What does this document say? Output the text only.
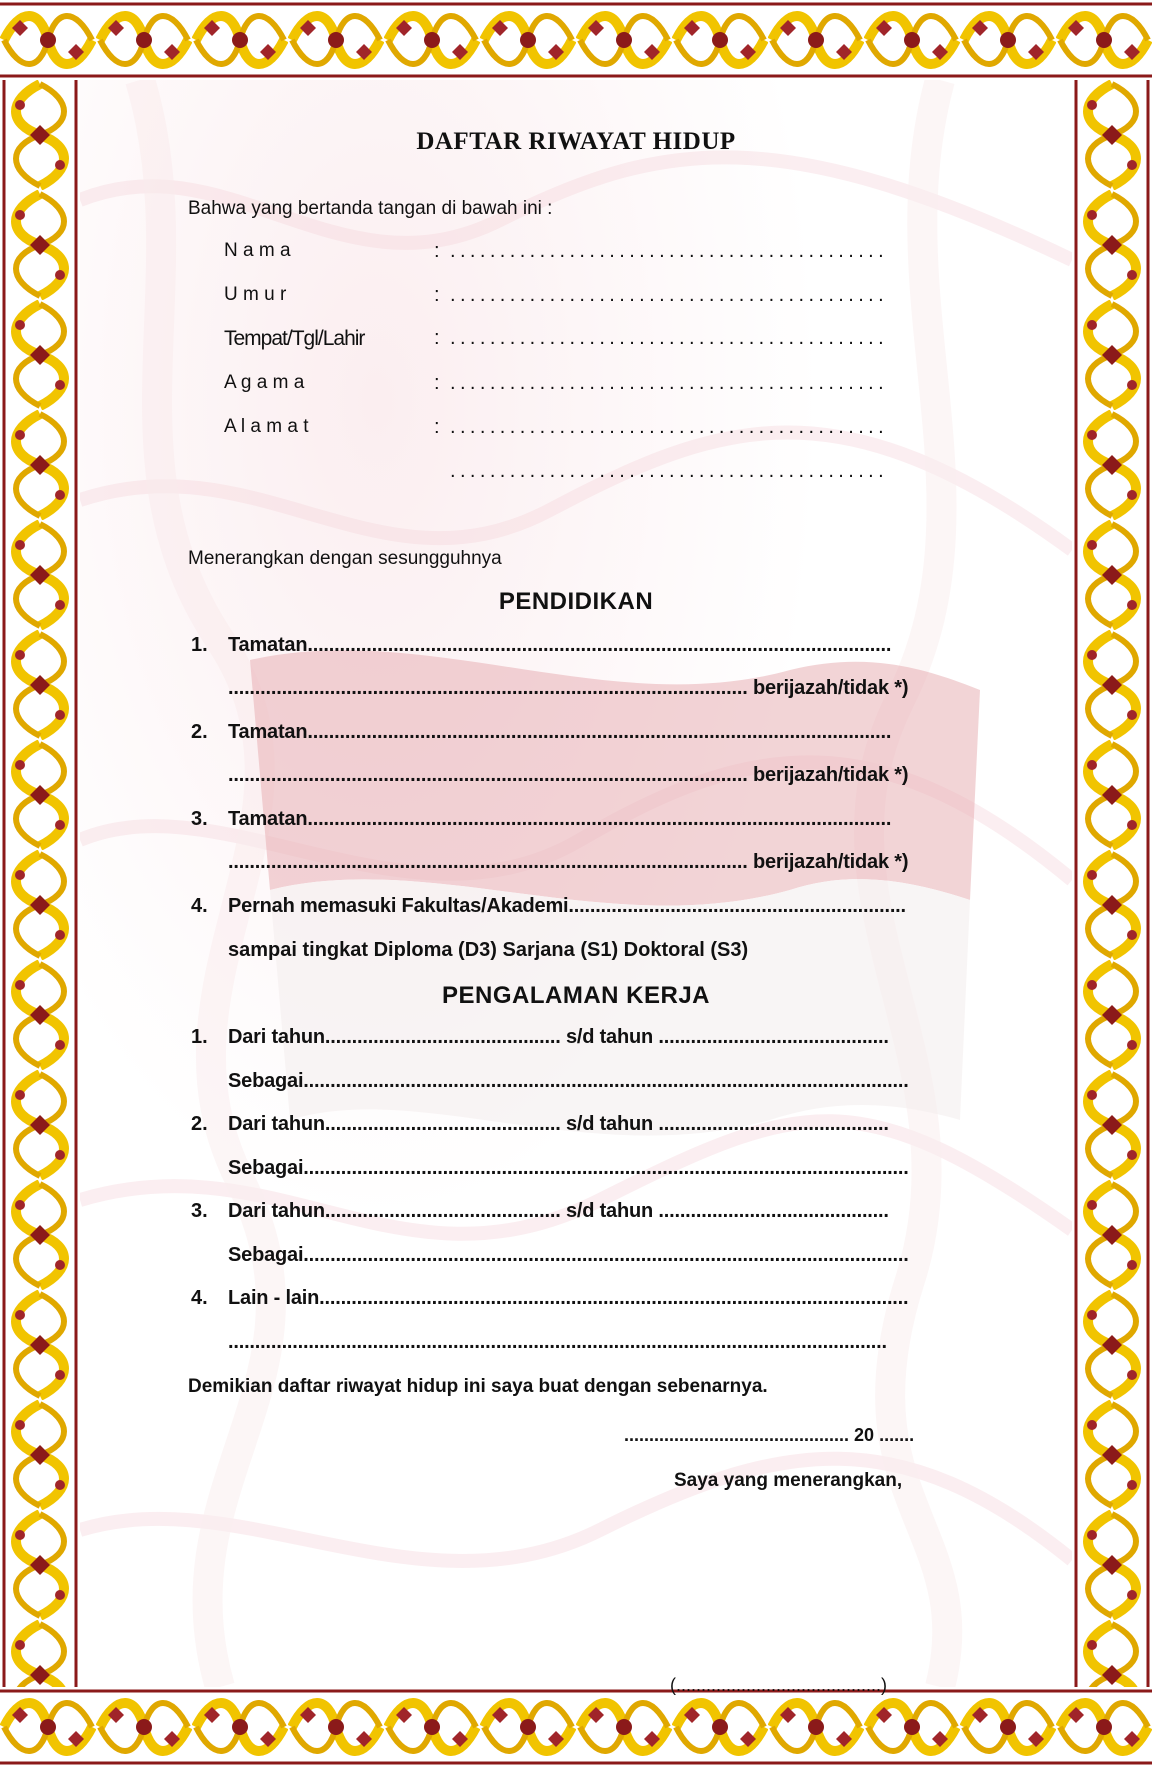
DAFTAR RIWAYAT HIDUP
Bahwa yang bertanda tangan di bawah ini :
N a m a	: ............................................
U m u r	: ............................................
Tempat/Tgl/Lahir	: ............................................
A g a m a	: ............................................
A l a m a t	: ............................................
............................................
Menerangkan dengan sesungguhnya
PENDIDIKAN
1. Tamatan.............................................................................................................
................................................................................................. berijazah/tidak *)
2. Tamatan.............................................................................................................
................................................................................................. berijazah/tidak *)
3. Tamatan.............................................................................................................
................................................................................................. berijazah/tidak *)
4. Pernah memasuki Fakultas/Akademi...............................................................
sampai tingkat Diploma (D3) Sarjana (S1) Doktoral (S3)
PENGALAMAN KERJA
1. Dari tahun............................................ s/d tahun ...........................................
Sebagai.................................................................................................................
2. Dari tahun............................................ s/d tahun ...........................................
Sebagai.................................................................................................................
3. Dari tahun............................................ s/d tahun ...........................................
Sebagai.................................................................................................................
4. Lain - lain..............................................................................................................
...........................................................................................................................
Demikian daftar riwayat hidup ini saya buat dengan sebenarnya.
............................................. 20 .......
Saya yang menerangkan,
(.........................................)
